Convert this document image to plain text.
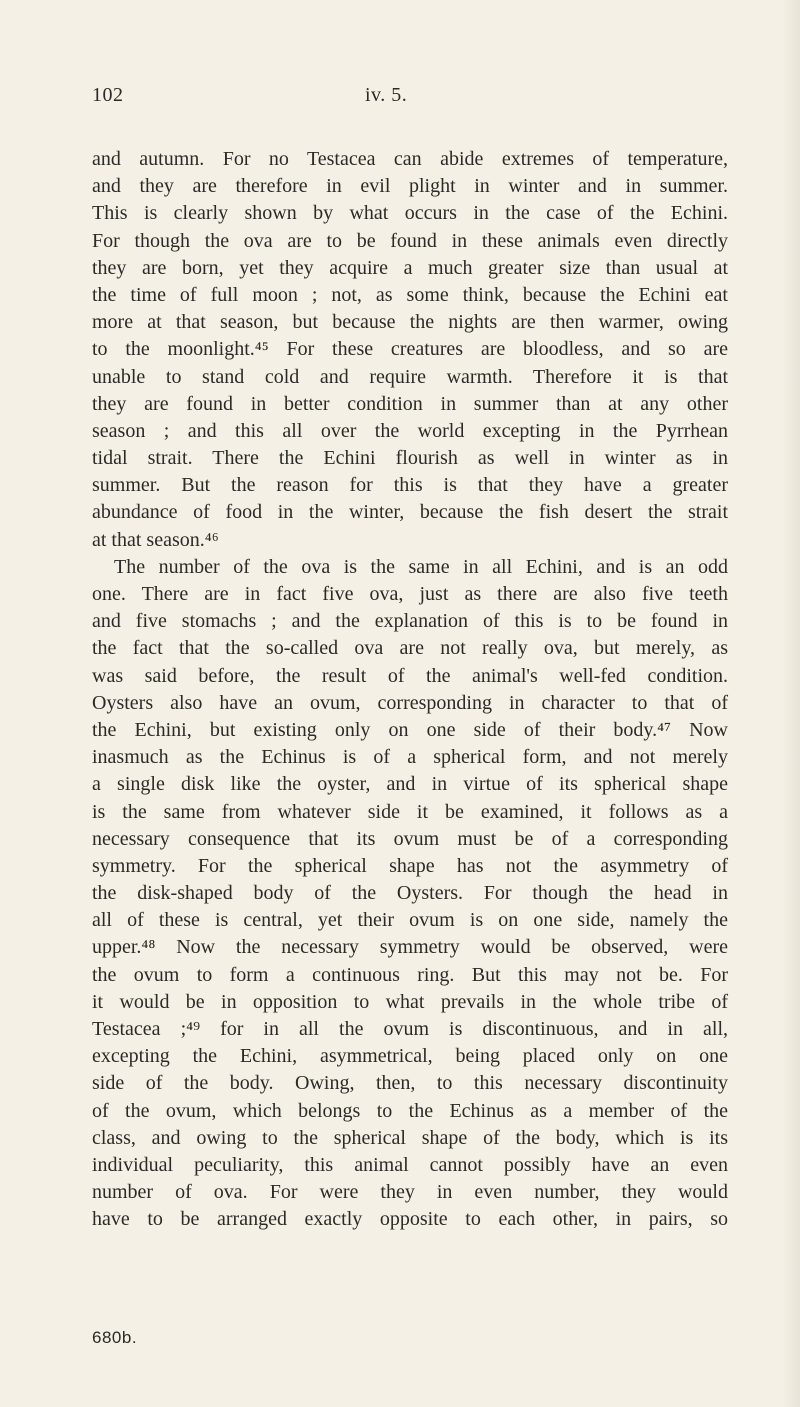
102	iv. 5.
and autumn. For no Testacea can abide extremes of temperature,
and they are therefore in evil plight in winter and in summer.
This is clearly shown by what occurs in the case of the Echini.
For though the ova are to be found in these animals even directly
they are born, yet they acquire a much greater size than usual at
the time of full moon ; not, as some think, because the Echini eat
more at that season, but because the nights are then warmer, owing
to the moonlight.⁴⁵ For these creatures are bloodless, and so are
unable to stand cold and require warmth. Therefore it is that
they are found in better condition in summer than at any other
season ; and this all over the world excepting in the Pyrrhean
tidal strait. There the Echini flourish as well in winter as in
summer. But the reason for this is that they have a greater
abundance of food in the winter, because the fish desert the strait
at that season.⁴⁶
The number of the ova is the same in all Echini, and is an odd
one. There are in fact five ova, just as there are also five teeth
and five stomachs ; and the explanation of this is to be found in
the fact that the so-called ova are not really ova, but merely, as
was said before, the result of the animal's well-fed condition.
Oysters also have an ovum, corresponding in character to that of
the Echini, but existing only on one side of their body.⁴⁷ Now
inasmuch as the Echinus is of a spherical form, and not merely
a single disk like the oyster, and in virtue of its spherical shape
is the same from whatever side it be examined, it follows as a
necessary consequence that its ovum must be of a corresponding
symmetry. For the spherical shape has not the asymmetry of
the disk-shaped body of the Oysters. For though the head in
all of these is central, yet their ovum is on one side, namely the
upper.⁴⁸ Now the necessary symmetry would be observed, were
the ovum to form a continuous ring. But this may not be. For
it would be in opposition to what prevails in the whole tribe of
Testacea ;⁴⁹ for in all the ovum is discontinuous, and in all,
excepting the Echini, asymmetrical, being placed only on one
side of the body. Owing, then, to this necessary discontinuity
of the ovum, which belongs to the Echinus as a member of the
class, and owing to the spherical shape of the body, which is its
individual peculiarity, this animal cannot possibly have an even
number of ova. For were they in even number, they would
have to be arranged exactly opposite to each other, in pairs, so
680b.
